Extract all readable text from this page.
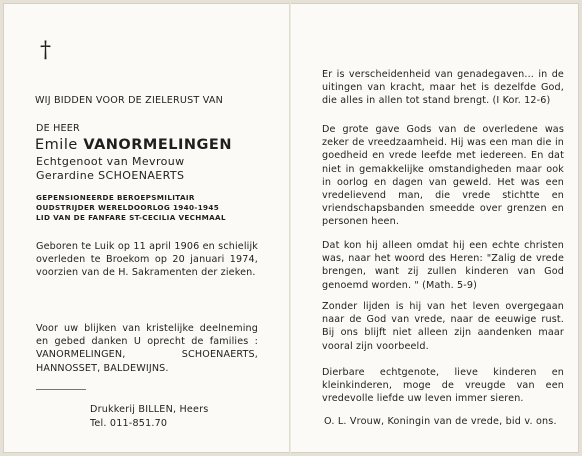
†
WIJ BIDDEN VOOR DE ZIELERUST VAN
DE HEER
Emile VANORMELINGEN
Echtgenoot van Mevrouw
Gerardine SCHOENAERTS
GEPENSIONEERDE BEROEPSMILITAIR
OUDSTRIJDER WERELDOORLOG 1940-1945
LID VAN DE FANFARE ST-CECILIA VECHMAAL
Geboren te Luik op 11 april 1906 en schielijk overleden te Broekom op 20 januari 1974, voorzien van de H. Sakramenten der zieken.
Voor uw blijken van kristelijke deelneming en gebed danken U oprecht de families : VANORMELINGEN, SCHOENAERTS, HANNOSSET, BALDEWIJNS.
Drukkerij BILLEN, Heers
Tel. 011-851.70
Er is verscheidenheid van genadegaven... in de uitingen van kracht, maar het is dezelfde God, die alles in allen tot stand brengt. (I Kor. 12-6)
De grote gave Gods van de overledene was zeker de vreedzaamheid. Hij was een man die in goedheid en vrede leefde met iedereen. En dat niet in gemakkelijke omstandigheden maar ook in oorlog en dagen van geweld. Het was een vredelievend man, die vrede stichtte en vriendschapsbanden smeedde over grenzen en personen heen.
Dat kon hij alleen omdat hij een echte christen was, naar het woord des Heren: "Zalig de vrede brengen, want zij zullen kinderen van God genoemd worden. " (Math. 5-9)
Zonder lijden is hij van het leven overgegaan naar de God van vrede, naar de eeuwige rust. Bij ons blijft niet alleen zijn aandenken maar vooral zijn voorbeeld.
Dierbare echtgenote, lieve kinderen en kleinkinderen, moge de vreugde van een vredevolle liefde uw leven immer sieren.
O. L. Vrouw, Koningin van de vrede, bid v. ons.
